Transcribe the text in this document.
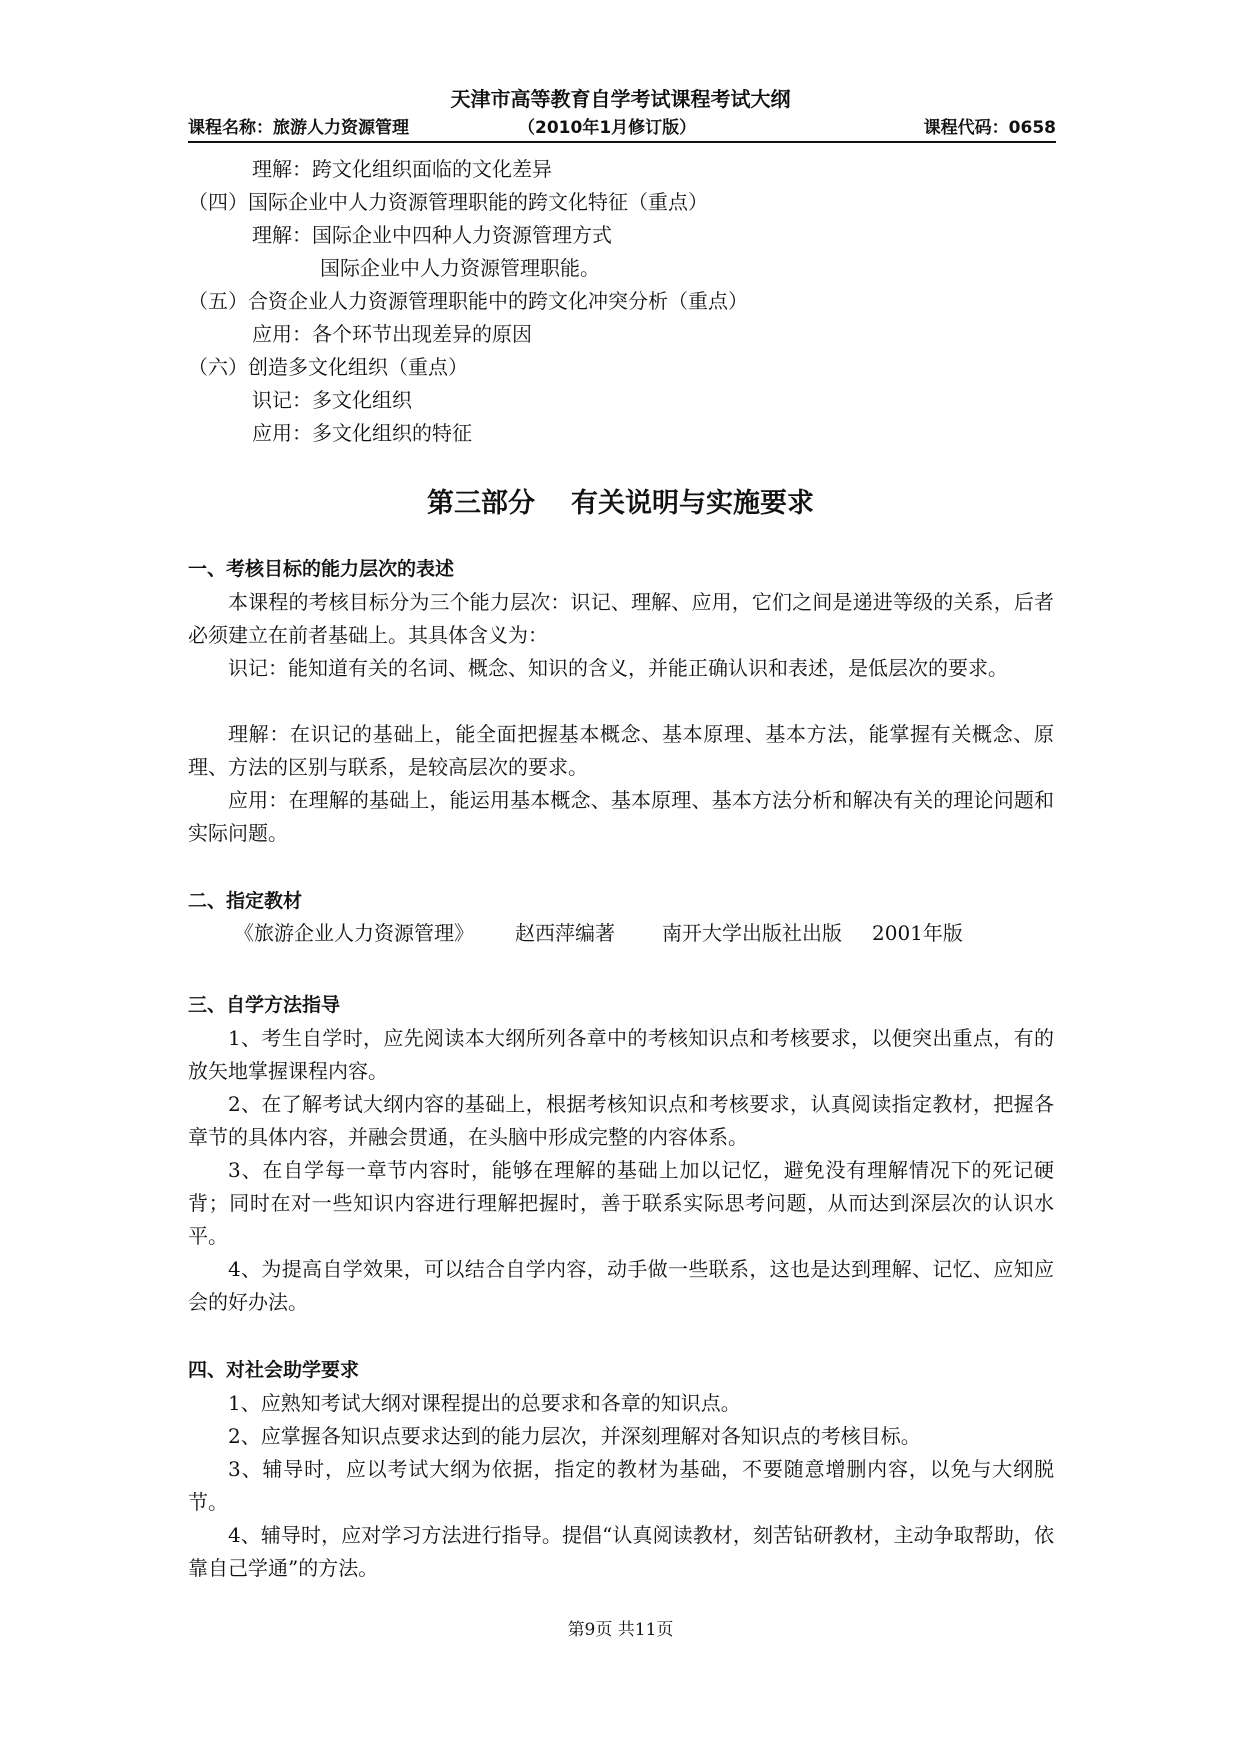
天津市高等教育自学考试课程考试大纲
课程名称：旅游人力资源管理	（2010年1月修订版）	课程代码：0658
理解：跨文化组织面临的文化差异
（四）国际企业中人力资源管理职能的跨文化特征（重点）
理解：国际企业中四种人力资源管理方式
国际企业中人力资源管理职能。
（五）合资企业人力资源管理职能中的跨文化冲突分析（重点）
应用：各个环节出现差异的原因
（六）创造多文化组织（重点）
识记：多文化组织
应用：多文化组织的特征
第三部分 有关说明与实施要求
一、考核目标的能力层次的表述
本课程的考核目标分为三个能力层次：识记、理解、应用，它们之间是递进等级的关系，后者必须建立在前者基础上。其具体含义为：
识记：能知道有关的名词、概念、知识的含义，并能正确认识和表述，是低层次的要求。
理解：在识记的基础上，能全面把握基本概念、基本原理、基本方法，能掌握有关概念、原理、方法的区别与联系，是较高层次的要求。
应用：在理解的基础上，能运用基本概念、基本原理、基本方法分析和解决有关的理论问题和实际问题。
二、指定教材
《旅游企业人力资源管理》 赵西萍编著 南开大学出版社出版 2001年版
三、自学方法指导
1、考生自学时，应先阅读本大纲所列各章中的考核知识点和考核要求，以便突出重点，有的放矢地掌握课程内容。
2、在了解考试大纲内容的基础上，根据考核知识点和考核要求，认真阅读指定教材，把握各章节的具体内容，并融会贯通，在头脑中形成完整的内容体系。
3、在自学每一章节内容时，能够在理解的基础上加以记忆，避免没有理解情况下的死记硬背；同时在对一些知识内容进行理解把握时，善于联系实际思考问题，从而达到深层次的认识水平。
4、为提高自学效果，可以结合自学内容，动手做一些联系，这也是达到理解、记忆、应知应会的好办法。
四、对社会助学要求
1、应熟知考试大纲对课程提出的总要求和各章的知识点。
2、应掌握各知识点要求达到的能力层次，并深刻理解对各知识点的考核目标。
3、辅导时，应以考试大纲为依据，指定的教材为基础，不要随意增删内容，以免与大纲脱节。
4、辅导时，应对学习方法进行指导。提倡“认真阅读教材，刻苦钻研教材，主动争取帮助，依靠自己学通”的方法。
第9页 共11页
